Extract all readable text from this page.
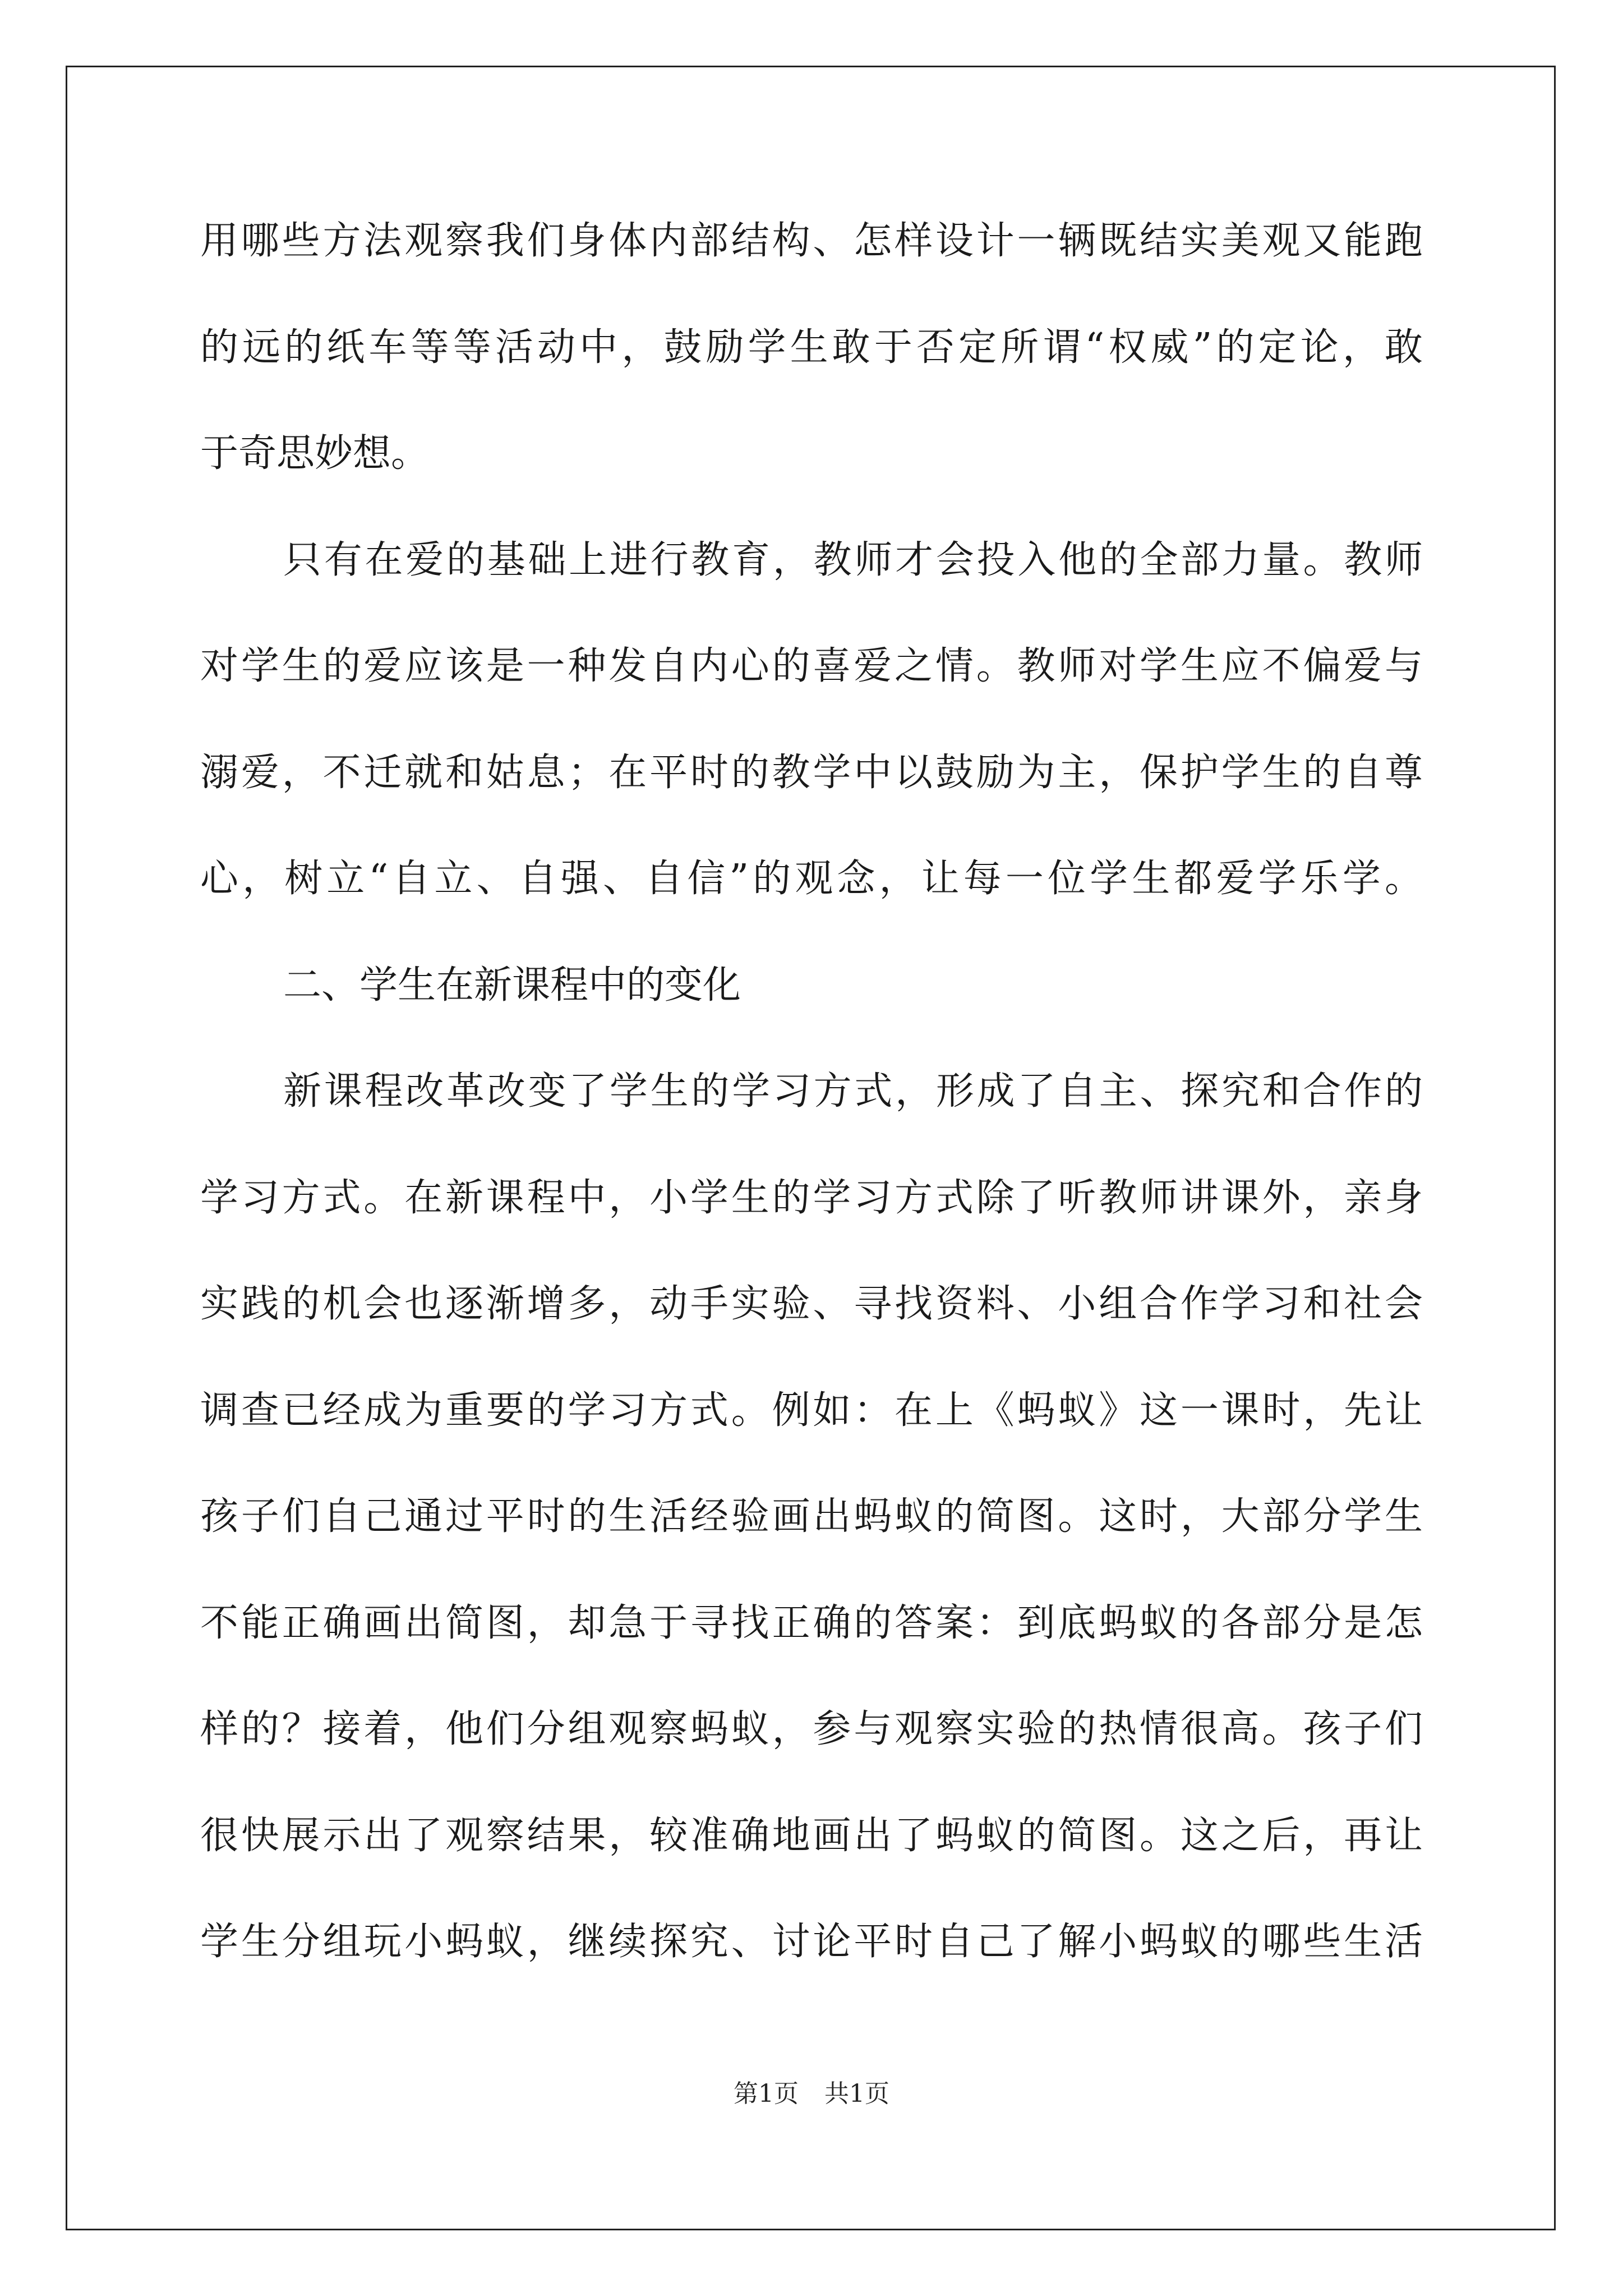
用哪些方法观察我们身体内部结构、怎样设计一辆既结实美观又能跑
的远的纸车等等活动中，鼓励学生敢于否定所谓“权威”的定论，敢
于奇思妙想。
只有在爱的基础上进行教育，教师才会投入他的全部力量。教师
对学生的爱应该是一种发自内心的喜爱之情。教师对学生应不偏爱与
溺爱，不迁就和姑息；在平时的教学中以鼓励为主，保护学生的自尊
心，树立“自立、自强、自信”的观念，让每一位学生都爱学乐学。
二、学生在新课程中的变化
新课程改革改变了学生的学习方式，形成了自主、探究和合作的
学习方式。在新课程中，小学生的学习方式除了听教师讲课外，亲身
实践的机会也逐渐增多，动手实验、寻找资料、小组合作学习和社会
调查已经成为重要的学习方式。例如：在上《蚂蚁》这一课时，先让
孩子们自己通过平时的生活经验画出蚂蚁的简图。这时，大部分学生
不能正确画出简图，却急于寻找正确的答案：到底蚂蚁的各部分是怎
样的？接着，他们分组观察蚂蚁，参与观察实验的热情很高。孩子们
很快展示出了观察结果，较准确地画出了蚂蚁的简图。这之后，再让
学生分组玩小蚂蚁，继续探究、讨论平时自己了解小蚂蚁的哪些生活
第1页 共1页
